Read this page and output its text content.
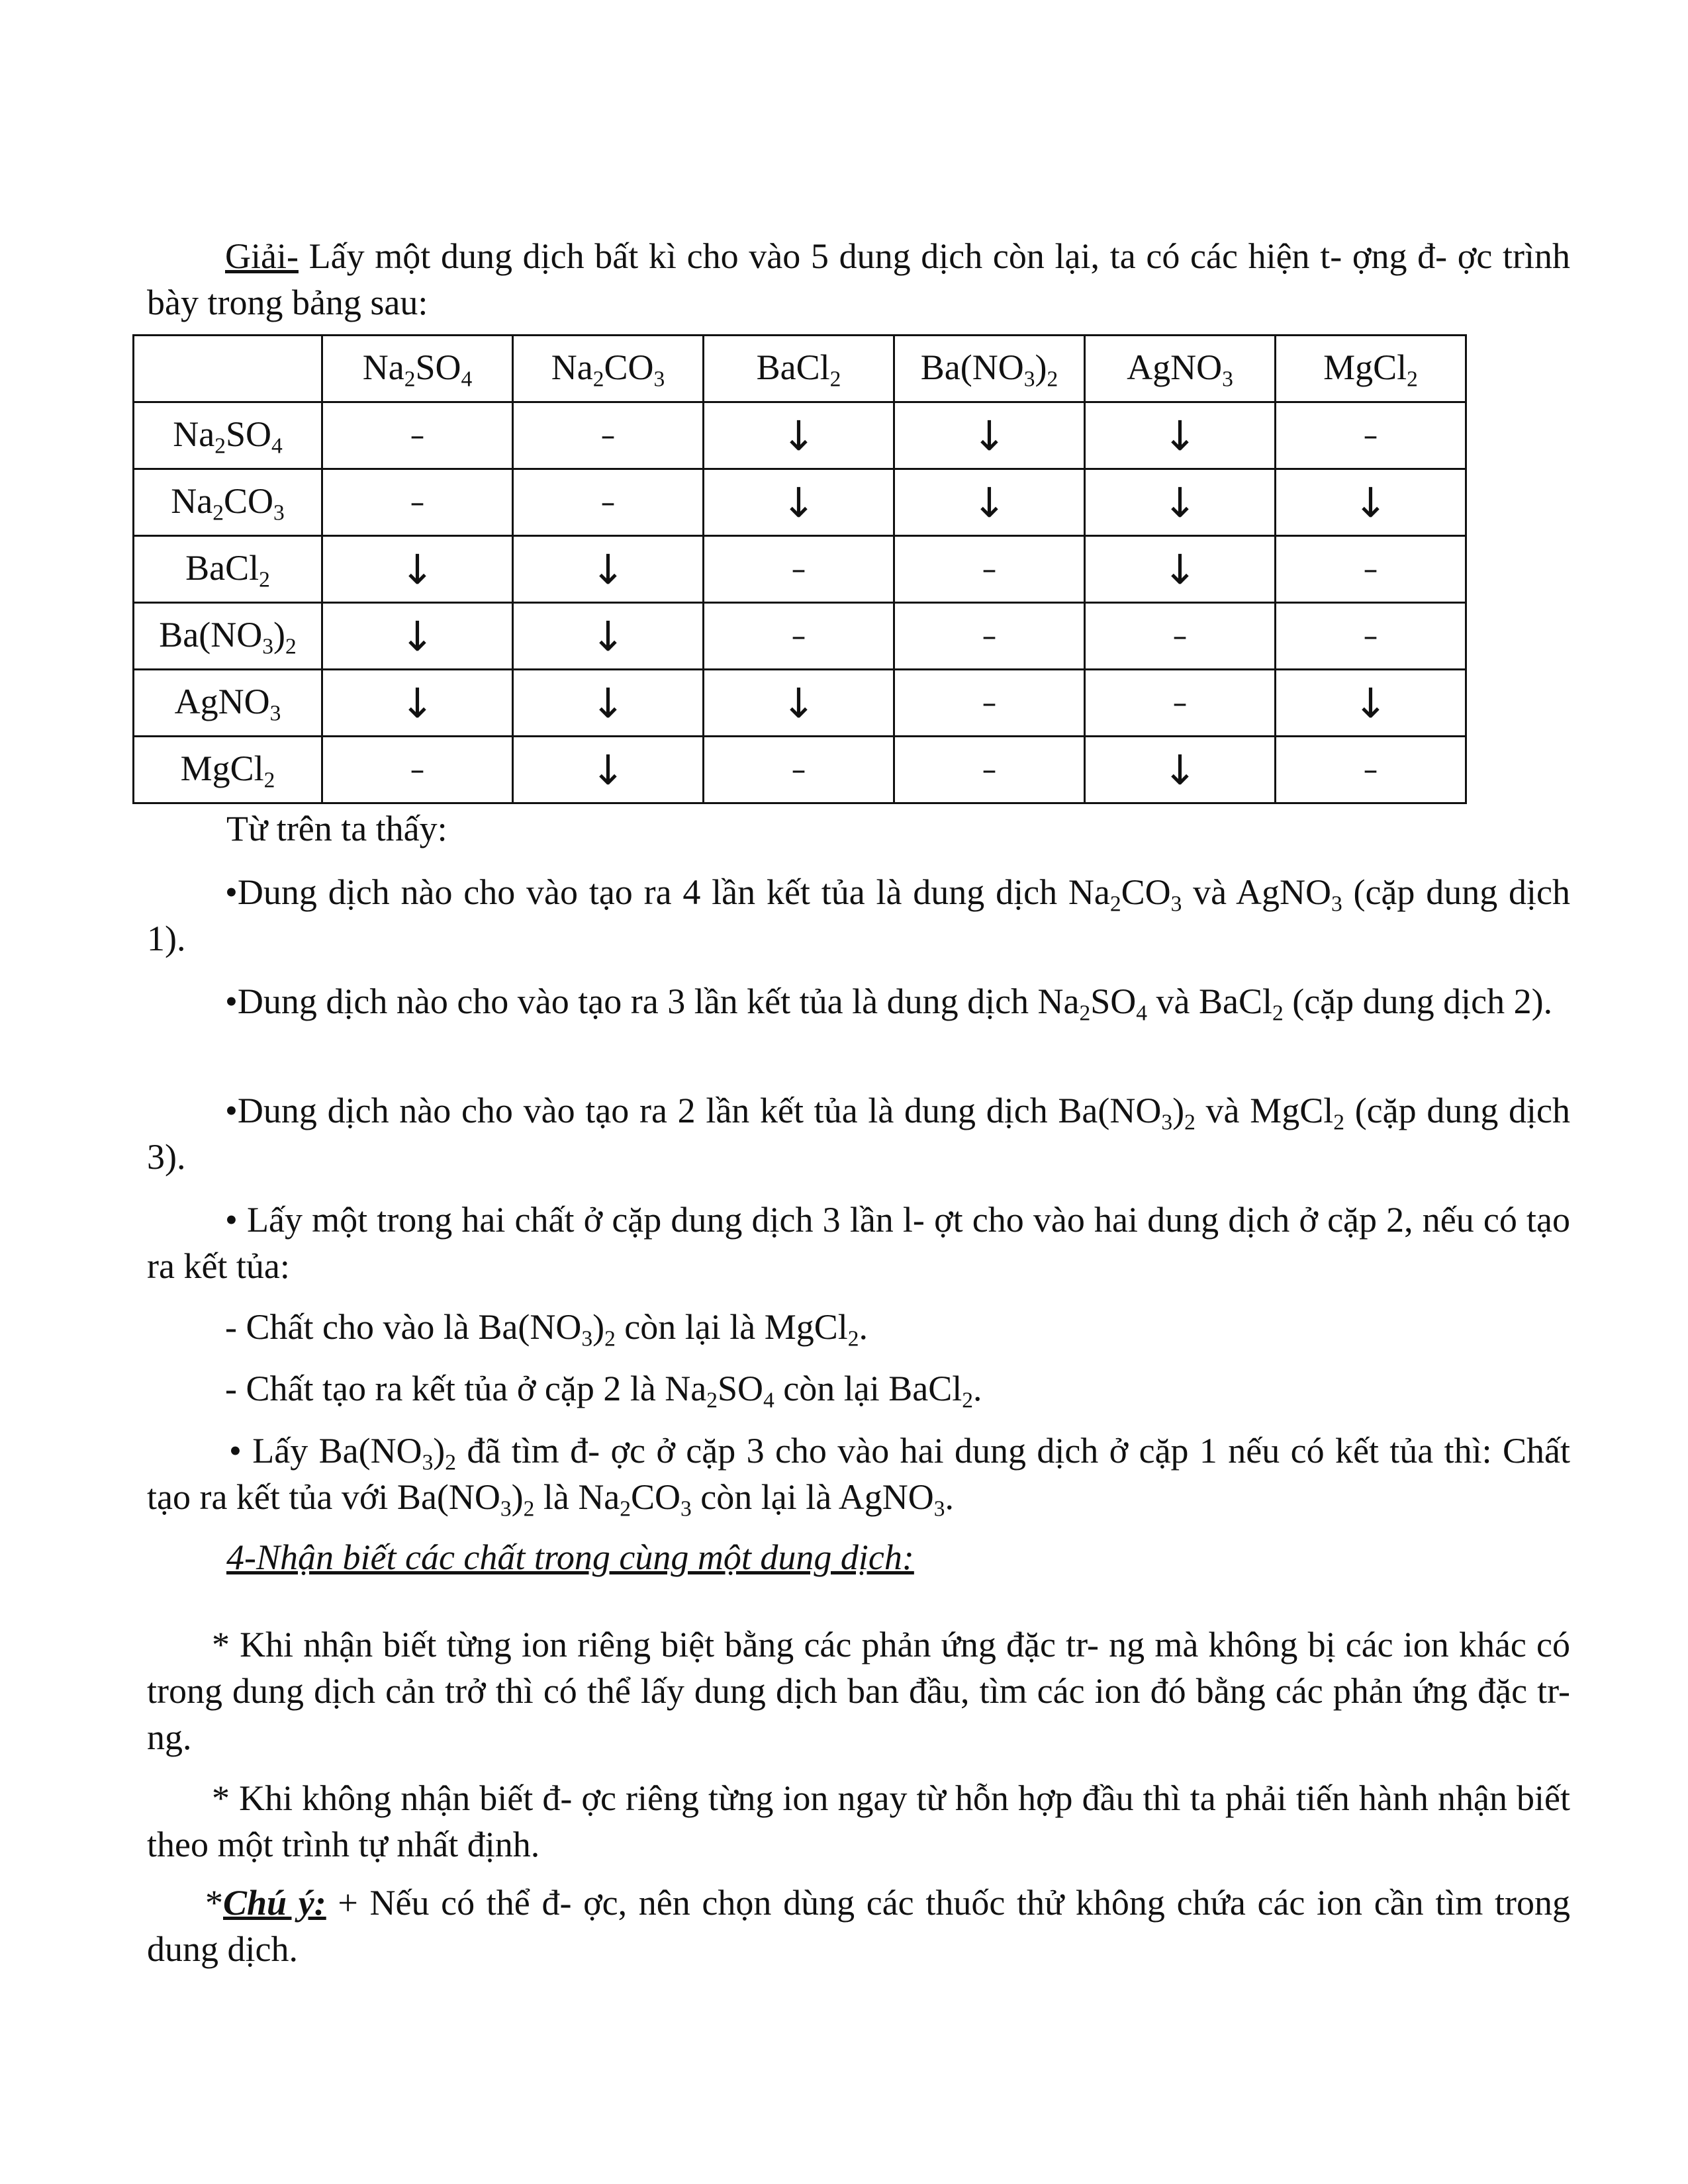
Giải- Lấy một dung dịch bất kì cho vào 5 dung dịch còn lại, ta có các hiện t- ợng đ- ợc trình bày trong bảng sau:

	$Na_2SO_4$	$Na_2CO_3$	BaCl$_2$	$Ba(NO_3)_2$	AgNO$_3$	MgCl$_2$
$Na_2SO_4$	–	–	↓	↓	↓	–
$Na_2CO_3$	–	–	↓	↓	↓	↓
BaCl$_2$	↓	↓	–	–	↓	–
$Ba(NO_3)_2$	↓	↓	–	–	–	–
AgNO$_3$	↓	↓	↓	–	–	↓
MgCl$_2$	–	↓	–	–	↓	–

Từ trên ta thấy:

•Dung dịch nào cho vào tạo ra 4 lần kết tủa là dung dịch $Na_2CO_3$ và AgNO$_3$ (cặp dung dịch 1).

•Dung dịch nào cho vào tạo ra 3 lần kết tủa là dung dịch $Na_2SO_4$ và BaCl$_2$ (cặp dung dịch 2).

•Dung dịch nào cho vào tạo ra 2 lần kết tủa là dung dịch $Ba(NO_3)_2$ và MgCl$_2$ (cặp dung dịch 3).

• Lấy một trong hai chất ở cặp dung dịch 3 lần l- ợt cho vào hai dung dịch ở cặp 2, nếu có tạo ra kết tủa:

- Chất cho vào là $Ba(NO_3)_2$ còn lại là MgCl$_2$.

- Chất tạo ra kết tủa ở cặp 2 là $Na_2SO_4$ còn lại BaCl$_2$.

• Lấy $Ba(NO_3)_2$ đã tìm đ- ợc ở cặp 3 cho vào hai dung dịch ở cặp 1 nếu có kết tủa thì: Chất tạo ra kết tủa với $Ba(NO_3)_2$ là $Na_2CO_3$ còn lại là AgNO$_3$.

4-Nhận biết các chất trong cùng một dung dịch:

* Khi nhận biết từng ion riêng biệt bằng các phản ứng đặc tr- ng mà không bị các ion khác có trong dung dịch cản trở thì có thể lấy dung dịch ban đầu, tìm các ion đó bằng các phản ứng đặc tr- ng.

* Khi không nhận biết đ- ợc riêng từng ion ngay từ hỗn hợp đầu thì ta phải tiến hành nhận biết theo một trình tự nhất định.

*Chú ý: + Nếu có thể đ- ợc, nên chọn dùng các thuốc thử không chứa các ion cần tìm trong dung dịch.
